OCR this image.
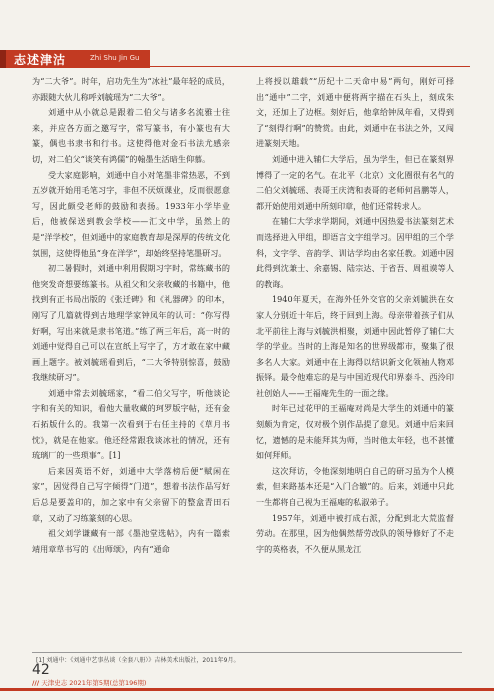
志述津沽	Zhi Shu Jin Gu

为“二大爷”。时年，启功先生为“冰社”最年轻的成员，亦跟随大伙儿称呼刘毓瑶为“二大爷”。

刘通中从小就总是跟着二伯父与诸多名流雅士往来，并应各方面之邀写字，常写篆书，有小篆也有大篆，偶也书隶书和行书。这使得他对金石书法尤感亲切，对二伯父“谈笑有鸿儒”的翰墨生活暗生仰慕。

受大家庭影响，刘通中自小对笔墨非常热恶，不到五岁就开始用毛笔习字，非但不厌烦课业，反而很愿意写，因此颇受老师的鼓励和表扬。1933年小学毕业后，他被保送到教会学校——汇文中学，虽然上的是“洋学校”，但刘通中的家庭教育却是深厚的传统文化氛围，这使得他虽“身在洋学”，却始终坚持笔墨研习。

初二暑假时，刘通中利用假期习字时，常练藏书的他突发奇想要练篆书。从祖父和父亲收藏的书籍中，他找到有正书局出版的《张迁碑》和《礼器碑》的印本，刚写了几篇就得到古地理学家钟凤年的认可：“你写得好啊，写出来就是隶书笔道。”练了两三年后，高一时的刘通中觉得自己可以在宣纸上写字了，方才敢在家中藏画上题字。被刘毓瑶看到后，“二大爷特别惊喜，鼓励我继续研习”。

刘通中常去刘毓瑶家，“看二伯父写字，听他谈论字和有关的知识，看他大量收藏的珂罗版字帖，还有金石拓版什么的。我第一次看到于右任主持的《草月书忱》，就是在他家。他还经常跟我谈冰社的情况，还有琉璃厂的一些琐事”。[1]

后来因英语不好，刘通中大学落榜后便“赋闲在家”，因觉得自己写字倾得“门道”，想着书法作品写好后总是要盖印的，加之家中有父亲留下的整盒青田石章，又动了习练篆刻的心思。

祖父刘学谦藏有一部《墨池堂选帖》，内有一篇索靖用章草书写的《出师颂》，内有“通命

上将授以雄载”“历纪十二天命中易”两句，刚好可择出“通中”二字，刘通中便将两字描在石头上，刻成朱文，还加上了边框。刻好后，他拿给钟凤年看，又得到了“刻得行啊”的赞赏。由此，刘通中在书法之外，又闯进篆刻天地。

刘通中进入辅仁大学后，虽为学生，但已在篆刻界博得了一定的名气。在北平（北京）文化圈很有名气的二伯父刘毓瑶、表哥王庆湾和表哥的老师何昌鹏等人，都开始使用刘通中所刻印章，他们还常转求人。

在辅仁大学求学期间，刘通中因热爱书法篆刻艺术而选择进入甲组，即语言文字组学习。因甲组的三个学科，文字学、音韵学、训诂学均由名家任教。刘通中因此得到沈兼士、余嘉锡、陆宗达、于省吾、周祖谟等人的教诲。

1940年夏天，在海外任外交官的父亲刘毓洪在女家人分别近十年后，终于回到上海。母亲带着孩子们从北平前往上海与刘毓洪相聚，刘通中因此暂停了辅仁大学的学业。当时的上海是知名的世界级都市，聚集了很多名人大家。刘通中在上海得以结识新文化领袖人物邓振铎。最令他难忘的是与中国近现代印界泰斗、西泠印社创始人——王福庵先生的一面之缘。

时年已过花甲的王福庵对尚是大学生的刘通中的篆刻颇为肯定，仅对极个别作品提了意见。刘通中后来回忆，遗憾的是未能拜其为师，当时他太年轻，也不甚懂如何拜师。

这次拜访，令他深刻地明白自己的研习虽为个人模索，但来路基本还是“入门合辙”的。后来，刘通中只此一生都将自己视为王福庵的私淑弟子。

1957年，刘通中被打成右派，分配到北大荒监督劳动。在那里，因为他偶然帮劳改队的领导修好了不走字的英格表，不久便从黑龙江

[1] 刘通中：《刘通中艺事丛谈（全套八册）》吉林美术出版社，2011年9月。
42
/// 天津史志 2021年第5期(总第196期)
